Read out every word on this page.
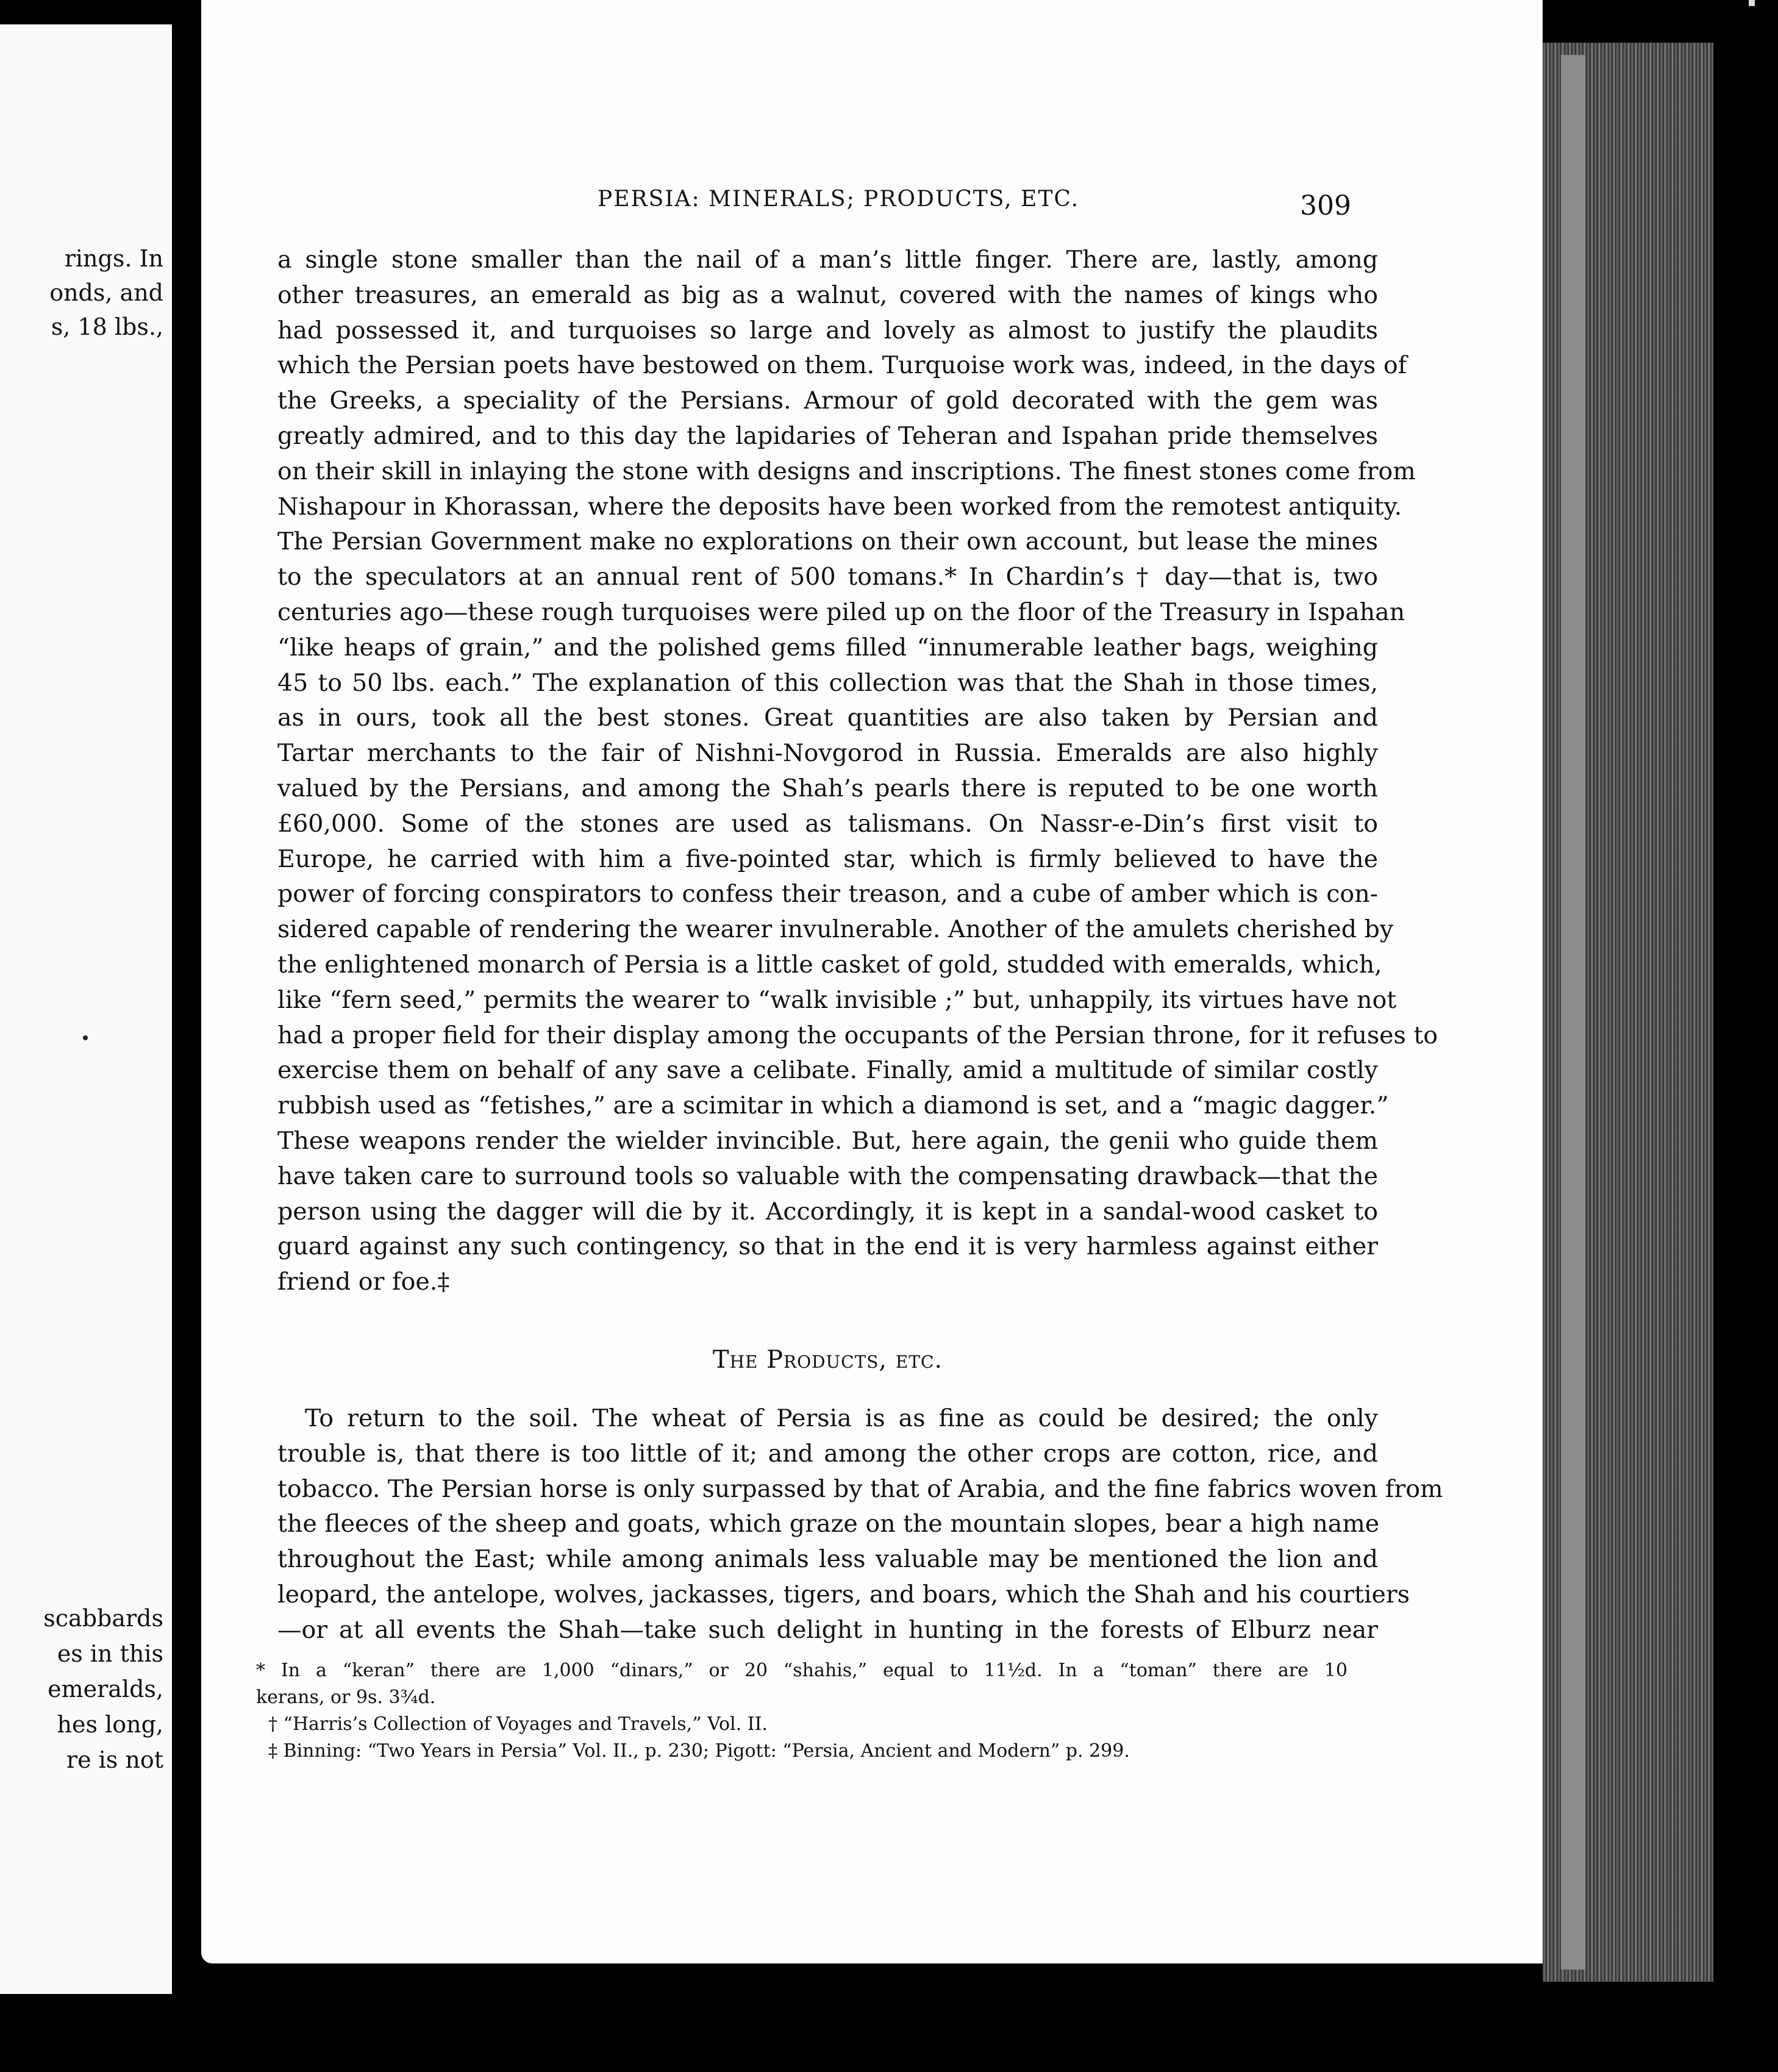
rings. In
onds, and
s, 18 lbs.,
scabbards
es in this
emeralds,
hes long,
re is not
PERSIA: MINERALS; PRODUCTS, ETC.	309
a single stone smaller than the nail of a man’s little finger. There are, lastly, among
other treasures, an emerald as big as a walnut, covered with the names of kings who
had possessed it, and turquoises so large and lovely as almost to justify the plaudits
which the Persian poets have bestowed on them. Turquoise work was, indeed, in the days of
the Greeks, a speciality of the Persians. Armour of gold decorated with the gem was
greatly admired, and to this day the lapidaries of Teheran and Ispahan pride themselves
on their skill in inlaying the stone with designs and inscriptions. The finest stones come from
Nishapour in Khorassan, where the deposits have been worked from the remotest antiquity.
The Persian Government make no explorations on their own account, but lease the mines
to the speculators at an annual rent of 500 tomans.* In Chardin’s † day—that is, two
centuries ago—these rough turquoises were piled up on the floor of the Treasury in Ispahan
“like heaps of grain,” and the polished gems filled “innumerable leather bags, weighing
45 to 50 lbs. each.” The explanation of this collection was that the Shah in those times,
as in ours, took all the best stones. Great quantities are also taken by Persian and
Tartar merchants to the fair of Nishni-Novgorod in Russia. Emeralds are also highly
valued by the Persians, and among the Shah’s pearls there is reputed to be one worth
£60,000. Some of the stones are used as talismans. On Nassr-e-Din’s first visit to
Europe, he carried with him a five-pointed star, which is firmly believed to have the
power of forcing conspirators to confess their treason, and a cube of amber which is con-
sidered capable of rendering the wearer invulnerable. Another of the amulets cherished by
the enlightened monarch of Persia is a little casket of gold, studded with emeralds, which,
like “fern seed,” permits the wearer to “walk invisible ;” but, unhappily, its virtues have not
had a proper field for their display among the occupants of the Persian throne, for it refuses to
exercise them on behalf of any save a celibate. Finally, amid a multitude of similar costly
rubbish used as “fetishes,” are a scimitar in which a diamond is set, and a “magic dagger.”
These weapons render the wielder invincible. But, here again, the genii who guide them
have taken care to surround tools so valuable with the compensating drawback—that the
person using the dagger will die by it. Accordingly, it is kept in a sandal-wood casket to
guard against any such contingency, so that in the end it is very harmless against either
friend or foe.‡
The Products, etc.
To return to the soil. The wheat of Persia is as fine as could be desired; the only
trouble is, that there is too little of it; and among the other crops are cotton, rice, and
tobacco. The Persian horse is only surpassed by that of Arabia, and the fine fabrics woven from
the fleeces of the sheep and goats, which graze on the mountain slopes, bear a high name
throughout the East; while among animals less valuable may be mentioned the lion and
leopard, the antelope, wolves, jackasses, tigers, and boars, which the Shah and his courtiers
—or at all events the Shah—take such delight in hunting in the forests of Elburz near
* In a “keran” there are 1,000 “dinars,” or 20 “shahis,” equal to 11½d. In a “toman” there are 10
kerans, or 9s. 3¾d.
† “Harris’s Collection of Voyages and Travels,” Vol. II.
‡ Binning: “Two Years in Persia” Vol. II., p. 230; Pigott: “Persia, Ancient and Modern” p. 299.
